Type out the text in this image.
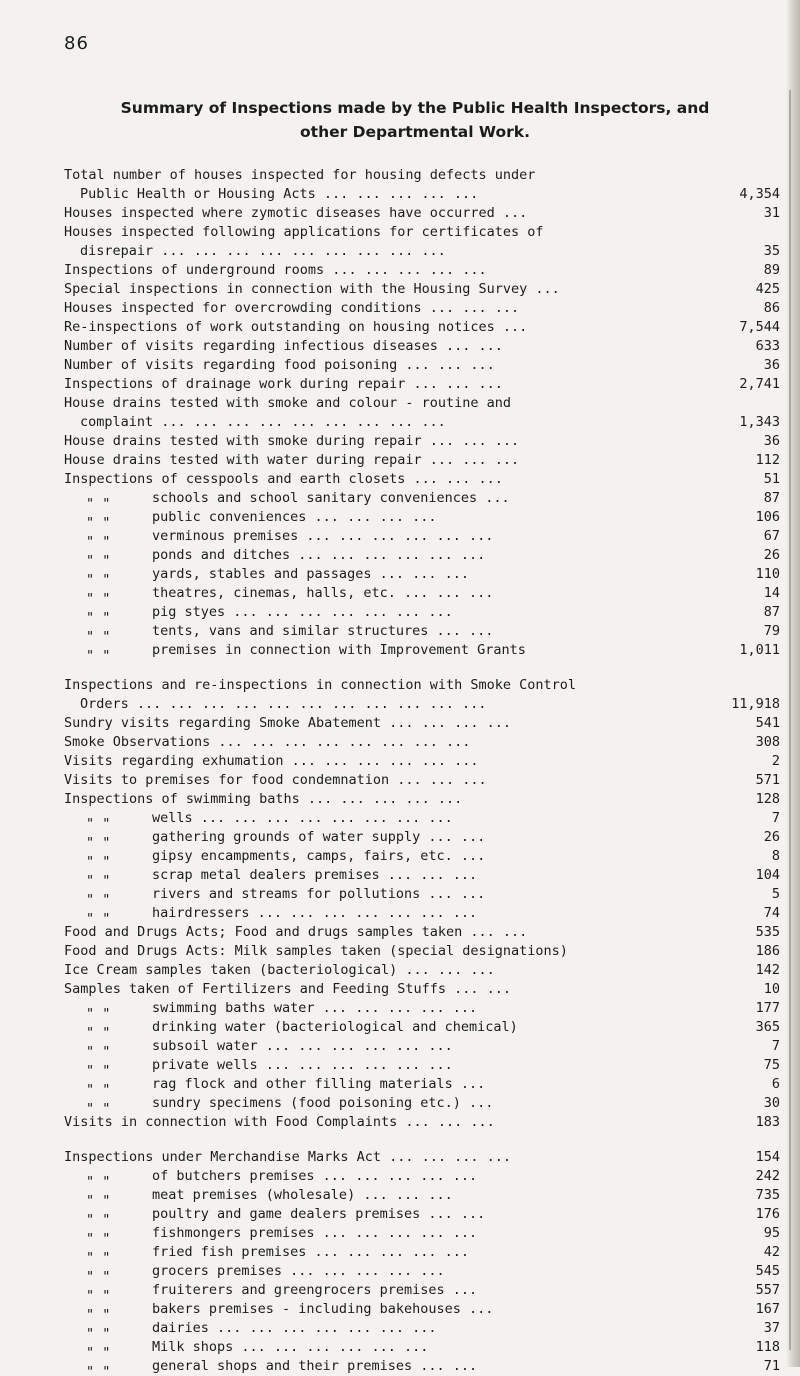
86
Summary of Inspections made by the Public Health Inspectors, and
other Departmental Work.
Total number of houses inspected for housing defects under
Public Health or Housing Acts ... ... ... ... ...	4,354
Houses inspected where zymotic diseases have occurred ...	31
Houses inspected following applications for certificates of
disrepair ... ... ... ... ... ... ... ... ...	35
Inspections of underground rooms ... ... ... ... ...	89
Special inspections in connection with the Housing Survey ...	425
Houses inspected for overcrowding conditions ... ... ...	86
Re-inspections of work outstanding on housing notices ...	7,544
Number of visits regarding infectious diseases ... ...	633
Number of visits regarding food poisoning ... ... ...	36
Inspections of drainage work during repair ... ... ...	2,741
House drains tested with smoke and colour - routine and
complaint ... ... ... ... ... ... ... ... ...	1,343
House drains tested with smoke during repair ... ... ...	36
House drains tested with water during repair ... ... ...	112
Inspections of cesspools and earth closets ... ... ...	51
" "	schools and school sanitary conveniences ...	87
" "	public conveniences ... ... ... ...	106
" "	verminous premises ... ... ... ... ... ...	67
" "	ponds and ditches ... ... ... ... ... ...	26
" "	yards, stables and passages ... ... ...	110
" "	theatres, cinemas, halls, etc. ... ... ...	14
" "	pig styes ... ... ... ... ... ... ...	87
" "	tents, vans and similar structures ... ...	79
" "	premises in connection with Improvement Grants	1,011
Inspections and re-inspections in connection with Smoke Control
Orders ... ... ... ... ... ... ... ... ... ... ...	11,918
Sundry visits regarding Smoke Abatement ... ... ... ...	541
Smoke Observations ... ... ... ... ... ... ... ...	308
Visits regarding exhumation ... ... ... ... ... ...	2
Visits to premises for food condemnation ... ... ...	571
Inspections of swimming baths ... ... ... ... ...	128
" "	wells ... ... ... ... ... ... ... ...	7
" "	gathering grounds of water supply ... ...	26
" "	gipsy encampments, camps, fairs, etc. ...	8
" "	scrap metal dealers premises ... ... ...	104
" "	rivers and streams for pollutions ... ...	5
" "	hairdressers ... ... ... ... ... ... ...	74
Food and Drugs Acts; Food and drugs samples taken ... ...	535
Food and Drugs Acts: Milk samples taken (special designations)	186
Ice Cream samples taken (bacteriological) ... ... ...	142
Samples taken of Fertilizers and Feeding Stuffs ... ...	10
" "	swimming baths water ... ... ... ... ...	177
" "	drinking water (bacteriological and chemical)	365
" "	subsoil water ... ... ... ... ... ...	7
" "	private wells ... ... ... ... ... ...	75
" "	rag flock and other filling materials ...	6
" "	sundry specimens (food poisoning etc.) ...	30
Visits in connection with Food Complaints ... ... ...	183
Inspections under Merchandise Marks Act ... ... ... ...	154
" "	of butchers premises ... ... ... ... ...	242
" "	meat premises (wholesale) ... ... ...	735
" "	poultry and game dealers premises ... ...	176
" "	fishmongers premises ... ... ... ... ...	95
" "	fried fish premises ... ... ... ... ...	42
" "	grocers premises ... ... ... ... ...	545
" "	fruiterers and greengrocers premises ...	557
" "	bakers premises - including bakehouses ...	167
" "	dairies ... ... ... ... ... ... ...	37
" "	Milk shops ... ... ... ... ... ...	118
" "	general shops and their premises ... ...	71
